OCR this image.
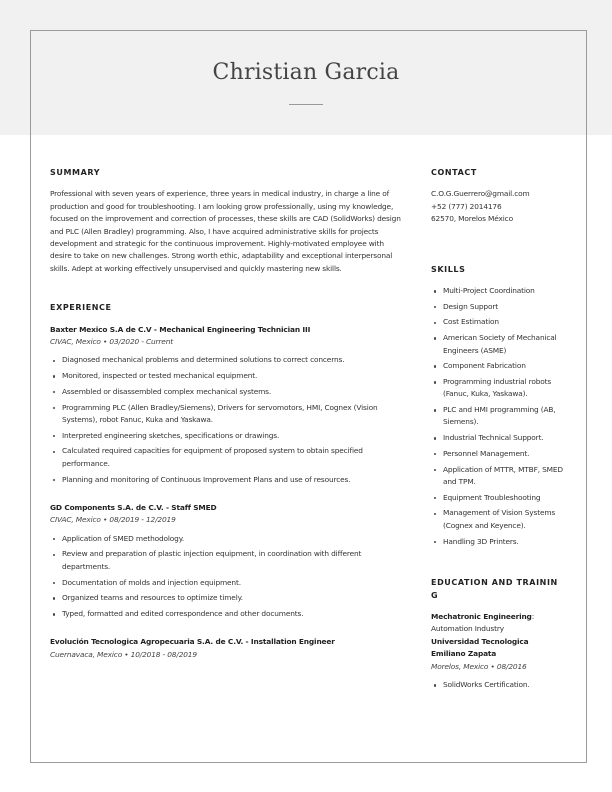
Christian Garcia
SUMMARY

Professional with seven years of experience, three years in medical industry, in charge a line of production and good for troubleshooting. I am looking grow professionally, using my knowledge, focused on the improvement and correction of processes, these skills are CAD (SolidWorks) design and PLC (Allen Bradley) programming. Also, I have acquired administrative skills for projects development and strategic for the continuous improvement. Highly-motivated employee with desire to take on new challenges. Strong worth ethic, adaptability and exceptional interpersonal skills. Adept at working effectively unsupervised and quickly mastering new skills.

EXPERIENCE

Baxter Mexico S.A de C.V - Mechanical Engineering Technician III

CIVAC, Mexico • 03/2020 - Current

Diagnosed mechanical problems and determined solutions to correct concerns.
Monitored, inspected or tested mechanical equipment.
Assembled or disassembled complex mechanical systems.
Programming PLC (Allen Bradley/Siemens), Drivers for servomotors, HMI, Cognex (Vision Systems), robot Fanuc, Kuka and Yaskawa.
Interpreted engineering sketches, specifications or drawings.
Calculated required capacities for equipment of proposed system to obtain specified performance.
Planning and monitoring of Continuous Improvement Plans and use of resources.

GD Components S.A. de C.V. - Staff SMED

CIVAC, Mexico • 08/2019 - 12/2019

Application of SMED methodology.
Review and preparation of plastic injection equipment, in coordination with different departments.
Documentation of molds and injection equipment.
Organized teams and resources to optimize timely.
Typed, formatted and edited correspondence and other documents.

Evolución Tecnologica Agropecuaria S.A. de C.V. - Installation Engineer

Cuernavaca, Mexico • 10/2018 - 08/2019

CONTACT

C.O.G.Guerrero@gmail.com

+52 (777) 2014176

62570, Morelos México

SKILLS
Multi-Project Coordination
Design Support
Cost Estimation
American Society of Mechanical Engineers (ASME)
Component Fabrication
Programming industrial robots (Fanuc, Kuka, Yaskawa).
PLC and HMI programming (AB, Siemens).
Industrial Technical Support.
Personnel Management.
Application of MTTR, MTBF, SMED and TPM.
Equipment Troubleshooting
Management of Vision Systems (Cognex and Keyence).
Handling 3D Printers.
EDUCATION AND TRAININ G

Mechatronic Engineering:

Automation Industry

Universidad Tecnologica Emiliano Zapata

Morelos, Mexico • 08/2016

SolidWorks Certification.
